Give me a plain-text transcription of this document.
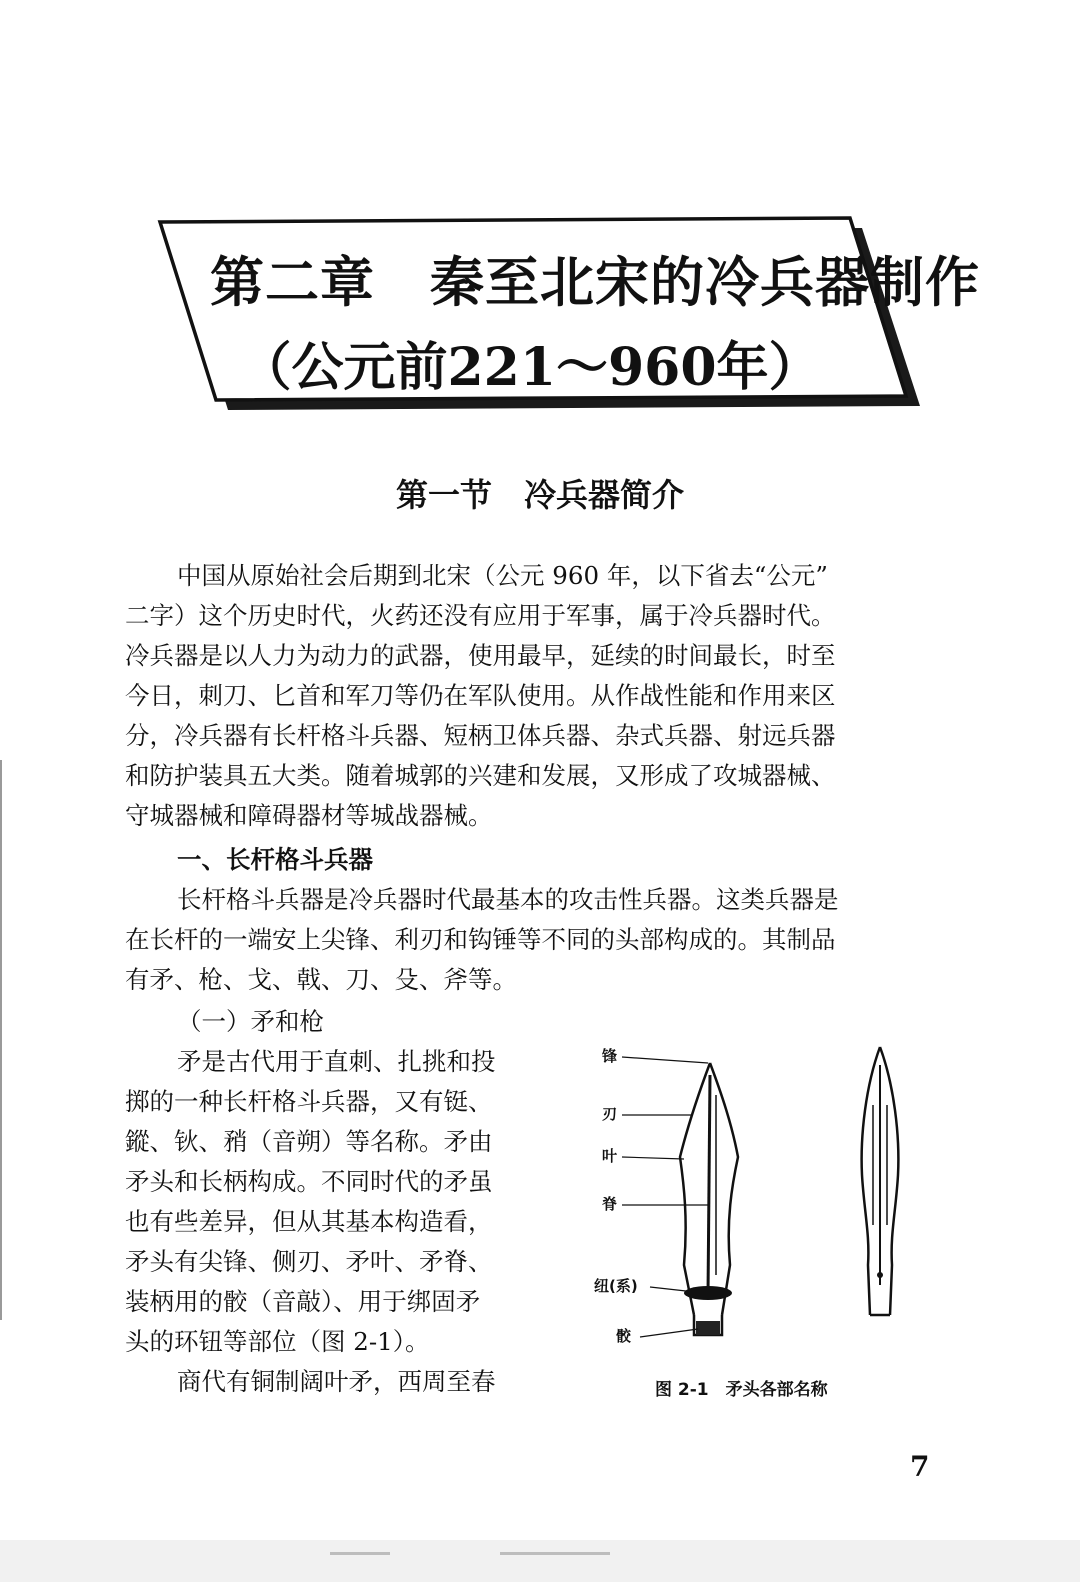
第二章　秦至北宋的冷兵器制作
（公元前221～960年）
第一节　冷兵器简介
中国从原始社会后期到北宋（公元 960 年，以下省去“公元”
二字）这个历史时代，火药还没有应用于军事，属于冷兵器时代。
冷兵器是以人力为动力的武器，使用最早，延续的时间最长，时至
今日，刺刀、匕首和军刀等仍在军队使用。从作战性能和作用来区
分，冷兵器有长杆格斗兵器、短柄卫体兵器、杂式兵器、射远兵器
和防护装具五大类。随着城郭的兴建和发展，又形成了攻城器械、
守城器械和障碍器材等城战器械。
一、长杆格斗兵器
长杆格斗兵器是冷兵器时代最基本的攻击性兵器。这类兵器是
在长杆的一端安上尖锋、利刃和钩锤等不同的头部构成的。其制品
有矛、枪、戈、戟、刀、殳、斧等。
（一）矛和枪
矛是古代用于直刺、扎挑和投
掷的一种长杆格斗兵器，又有铤、
鏦、钬、矟（音朔）等名称。矛由
矛头和长柄构成。不同时代的矛虽
也有些差异，但从其基本构造看，
矛头有尖锋、侧刃、矛叶、矛脊、
装柄用的骹（音敲）、用于绑固矛
头的环钮等部位（图 2-1）。
商代有铜制阔叶矛，西周至春
锋
刃
叶
脊
纽(系)
骹
图 2-1　矛头各部名称
7
